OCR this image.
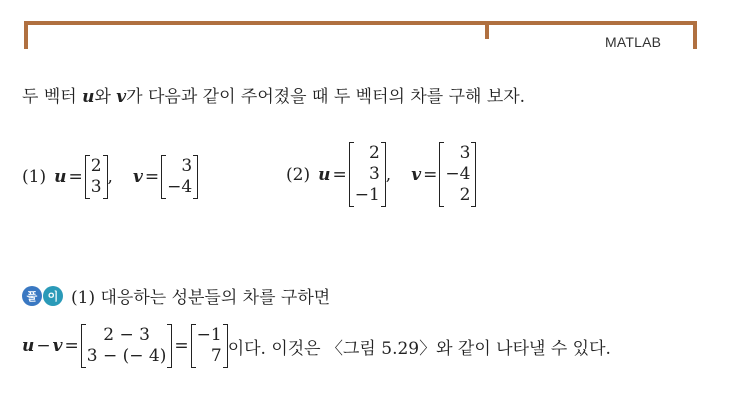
MATLAB
두 벡터 u와 v가 다음과 같이 주어졌을 때 두 벡터의 차를 구해 보자.
(1) u =
2
3 , v =
3
−4
(2) u =
2
3
−1
, v =
3
−4
2
풀 이 (1) 대응하는 성분들의 차를 구하면
u − v =
2 − 3
3 − (− 4) =
−1
7 이다. 이것은 〈그림 5.29〉와 같이 나타낼 수 있다.
